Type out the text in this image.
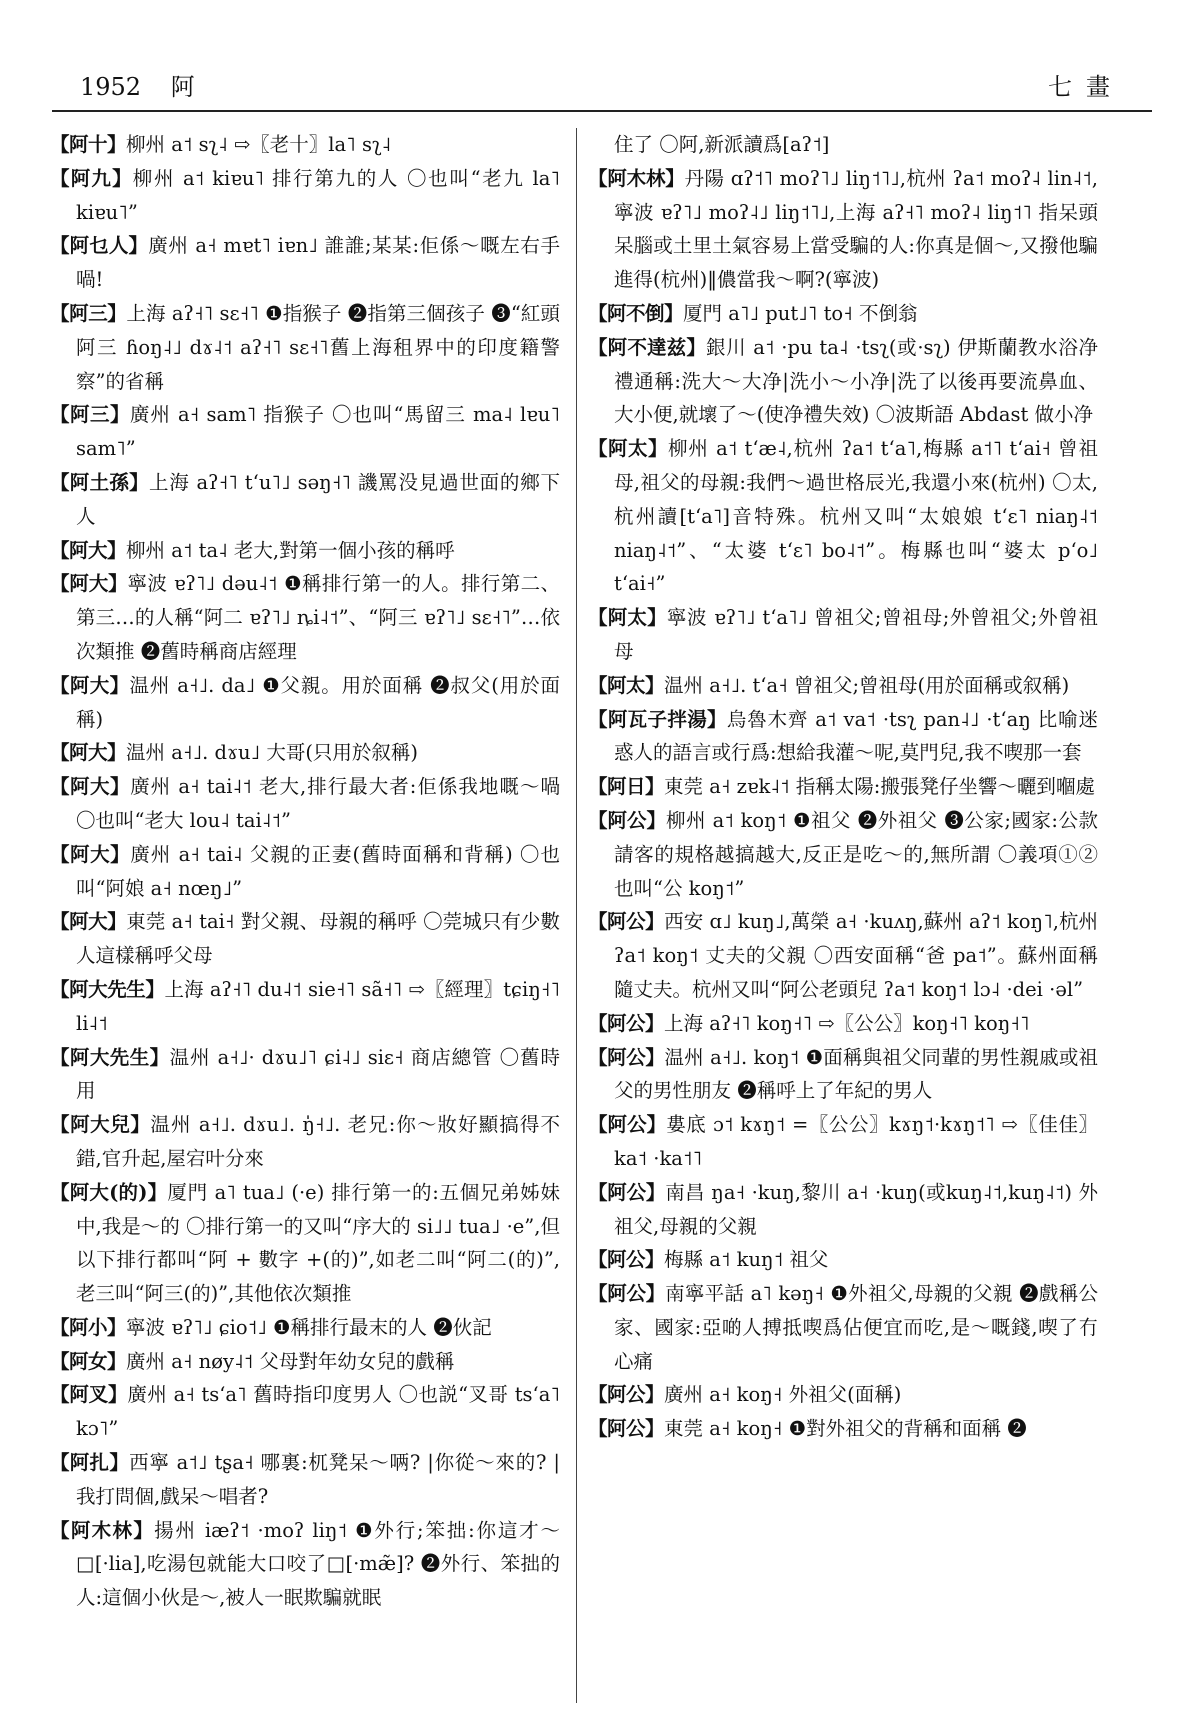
1952 阿	七畫
【阿十】柳州 a˦ sʅ˨ ⇨〖老十〗la˥ sʅ˨
【阿九】柳州 a˦ kiɐu˥ 排行第九的人 〇也叫“老九 la˥ kiɐu˥”
【阿乜人】廣州 a˧ mɐt˥ iɐn˩ 誰誰;某某:佢係～嘅左右手喎!
【阿三】上海 aʔ˧˥ sɛ˧˥ ❶指猴子 ❷指第三個孩子 ❸“紅頭阿三 ɦoŋ˨˩ dɤ˨˦ aʔ˧˥ sɛ˧˥舊上海租界中的印度籍警察”的省稱
【阿三】廣州 a˧ sam˥ 指猴子 〇也叫“馬留三 ma˨ lɐu˥ sam˥”
【阿土孫】上海 aʔ˧˥ t‘u˥˩ səŋ˧˥ 譏罵没見過世面的鄉下人
【阿大】柳州 a˦ ta˨ 老大,對第一個小孩的稱呼
【阿大】寧波 ɐʔ˥˩ dəu˨˦ ❶稱排行第一的人。排行第二、第三…的人稱“阿二 ɐʔ˥˩ ȵi˨˦”、“阿三 ɐʔ˥˩ sɛ˧˥”…依次類推 ❷舊時稱商店經理
【阿大】温州 a˧˩. da˩ ❶父親。用於面稱 ❷叔父(用於面稱)
【阿大】温州 a˧˩. dɤu˩ 大哥(只用於叙稱)
【阿大】廣州 a˧ tai˨˦ 老大,排行最大者:佢係我地嘅～喎 〇也叫“老大 lou˨ tai˨˦”
【阿大】廣州 a˧ tai˨ 父親的正妻(舊時面稱和背稱) 〇也叫“阿娘 a˧ nœŋ˩”
【阿大】東莞 a˧ tai˧ 對父親、母親的稱呼 〇莞城只有少數人這樣稱呼父母
【阿大先生】上海 aʔ˧˥ du˨˦ sie˧˥ sã˧˥ ⇨〖經理〗tɕiŋ˧˥ li˨˦
【阿大先生】温州 a˧˩· dɤu˩˥ ɕi˨˩ siɛ˧ 商店總管 〇舊時用
【阿大兒】温州 a˧˩. dɤu˩. ŋ̍˧˩. 老兄:你～妝好顯搞得不錯,官升起,屋宕叶分來
【阿大(的)】厦門 a˥ tua˩ (·e) 排行第一的:五個兄弟姊妹中,我是～的 〇排行第一的又叫“序大的 si˩˩ tua˩ ·e”,但以下排行都叫“阿 + 數字 +(的)”,如老二叫“阿二(的)”,老三叫“阿三(的)”,其他依次類推
【阿小】寧波 ɐʔ˥˩ ɕio˦˩ ❶稱排行最末的人 ❷伙記
【阿女】廣州 a˧ nøy˨˦ 父母對年幼女兒的戲稱
【阿叉】廣州 a˧ ts‘a˥ 舊時指印度男人 〇也説“叉哥 ts‘a˥ kɔ˥”
【阿扎】西寧 a˦˩ tʂa˧ 哪裏:杌凳呆～唡? |你從～來的? |我打問個,戲呆～唱者?
【阿木林】揚州 iæʔ˦ ·moʔ liŋ˦ ❶外行;笨拙:你這才～□[·lia],吃湯包就能大口咬了□[·mæ̃]? ❷外行、笨拙的人:這個小伙是～,被人一眠欺騙就眠
住了 〇阿,新派讀爲[aʔ˦]
【阿木林】丹陽 ɑʔ˦˥ moʔ˥˩ liŋ˦˥˩,杭州 ʔa˦ moʔ˨ lin˨˦,寧波 ɐʔ˥˩ moʔ˨˩ liŋ˦˥˩,上海 aʔ˧˥ moʔ˨ liŋ˦˥ 指呆頭呆腦或土里土氣容易上當受騙的人:你真是個～,又撥他騙進得(杭州)‖儂當我～啊?(寧波)
【阿不倒】厦門 a˥˩ put˩˥ to˧ 不倒翁
【阿不達兹】銀川 a˦ ·pu ta˨ ·tsʅ(或·sʅ) 伊斯蘭教水浴净禮通稱:洗大～大净|洗小～小净|洗了以後再要流鼻血、大小便,就壞了～(使净禮失效) 〇波斯語 Abdast 做小净
【阿太】柳州 a˦ t‘æ˨,杭州 ʔa˦ t‘a˥,梅縣 a˦˥ t‘ai˧ 曾祖母,祖父的母親:我們～過世格辰光,我還小來(杭州) 〇太,杭州讀[t‘a˥]音特殊。杭州又叫“太娘娘 t‘ɛ˥ niaŋ˨˦ niaŋ˨˦”、“太婆 t‘ɛ˥ bo˨˦”。梅縣也叫“婆太 p‘o˩ t‘ai˧”
【阿太】寧波 ɐʔ˥˩ t‘a˥˩ 曾祖父;曾祖母;外曾祖父;外曾祖母
【阿太】温州 a˧˩. t‘a˧ 曾祖父;曾祖母(用於面稱或叙稱)
【阿瓦子拌湯】烏魯木齊 a˦ va˦ ·tsʅ pan˨˩ ·t‘aŋ 比喻迷惑人的語言或行爲:想給我灌～呢,莫門兒,我不喫那一套
【阿日】東莞 a˧ zɐk˨˦ 指稱太陽:搬張凳仔坐響～曬到嗰處
【阿公】柳州 a˦ koŋ˦ ❶祖父 ❷外祖父 ❸公家;國家:公款請客的規格越搞越大,反正是吃～的,無所謂 〇義項①②也叫“公 koŋ˦”
【阿公】西安 ɑ˩ kuŋ˩,萬榮 a˧ ·kuʌŋ,蘇州 aʔ˦ koŋ˥,杭州 ʔa˦ koŋ˦ 丈夫的父親 〇西安面稱“爸 pa˦”。蘇州面稱隨丈夫。杭州又叫“阿公老頭兒 ʔa˦ koŋ˦ lɔ˨ ·dei ·əl”
【阿公】上海 aʔ˧˥ koŋ˧˥ ⇨〖公公〗koŋ˧˥ koŋ˧˥
【阿公】温州 a˧˩. koŋ˦ ❶面稱與祖父同輩的男性親戚或祖父的男性朋友 ❷稱呼上了年紀的男人
【阿公】婁底 ɔ˦ kɤŋ˦ =〖公公〗kɤŋ˦·kɤŋ˦˥ ⇨〖佳佳〗ka˦ ·ka˦˥
【阿公】南昌 ŋa˧ ·kuŋ,黎川 a˧ ·kuŋ(或kuŋ˨˦,kuŋ˨˦) 外祖父,母親的父親
【阿公】梅縣 a˦ kuŋ˦ 祖父
【阿公】南寧平話 a˥ kəŋ˧ ❶外祖父,母親的父親 ❷戲稱公家、國家:亞啲人搏抵喫爲佔便宜而吃,是～嘅錢,喫了冇心痛
【阿公】廣州 a˧ koŋ˧ 外祖父(面稱)
【阿公】東莞 a˧ koŋ˧ ❶對外祖父的背稱和面稱 ❷
